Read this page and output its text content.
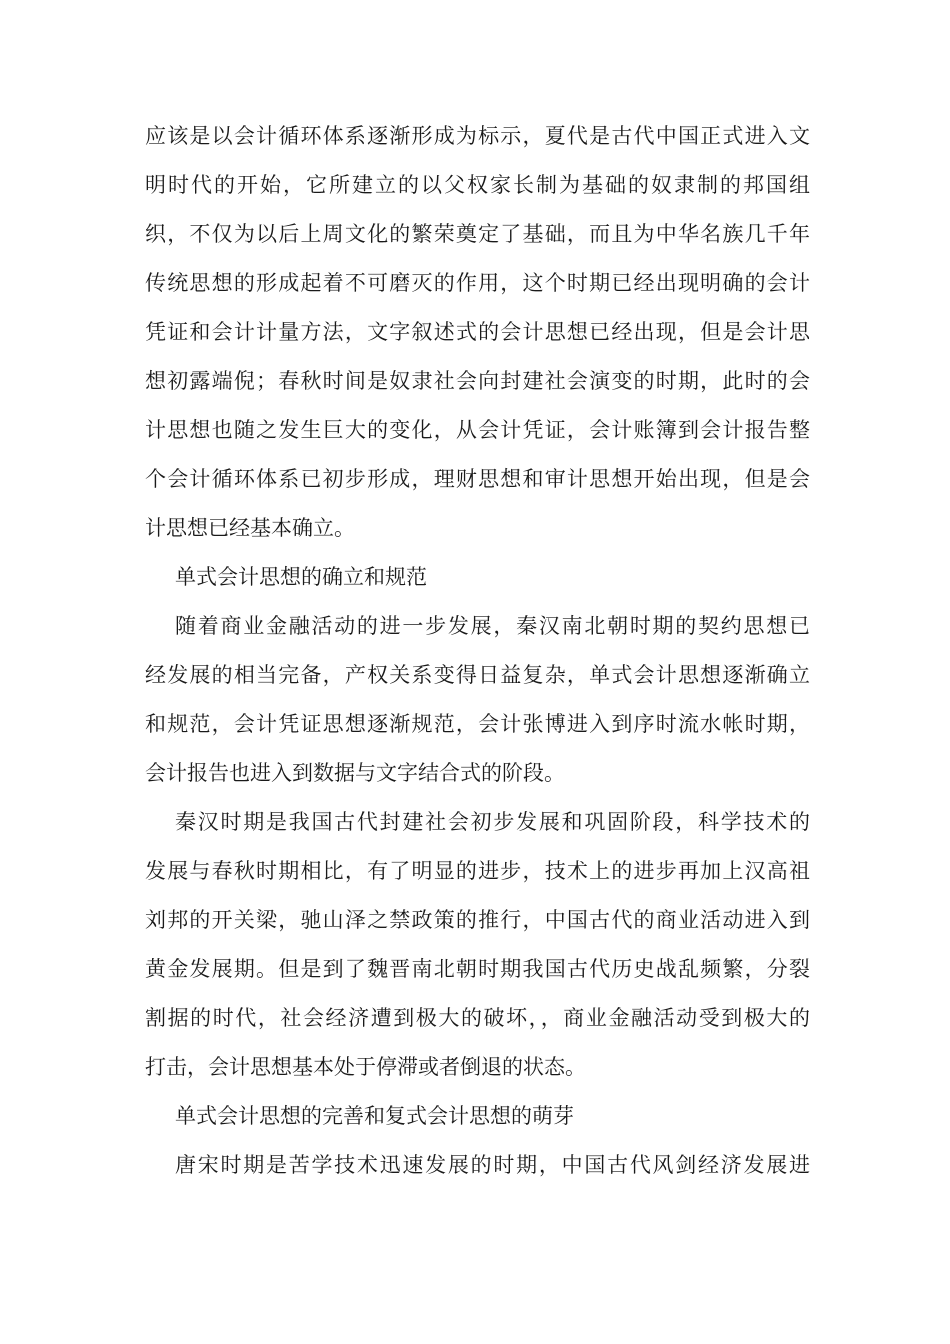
应该是以会计循环体系逐渐形成为标示，夏代是古代中国正式进入文
明时代的开始，它所建立的以父权家长制为基础的奴隶制的邦国组
织，不仅为以后上周文化的繁荣奠定了基础，而且为中华名族几千年
传统思想的形成起着不可磨灭的作用，这个时期已经出现明确的会计
凭证和会计计量方法，文字叙述式的会计思想已经出现，但是会计思
想初露端倪；春秋时间是奴隶社会向封建社会演变的时期，此时的会
计思想也随之发生巨大的变化，从会计凭证，会计账簿到会计报告整
个会计循环体系已初步形成，理财思想和审计思想开始出现，但是会
计思想已经基本确立。
单式会计思想的确立和规范
随着商业金融活动的进一步发展，秦汉南北朝时期的契约思想已
经发展的相当完备，产权关系变得日益复杂，单式会计思想逐渐确立
和规范，会计凭证思想逐渐规范，会计张博进入到序时流水帐时期，
会计报告也进入到数据与文字结合式的阶段。
秦汉时期是我国古代封建社会初步发展和巩固阶段，科学技术的
发展与春秋时期相比，有了明显的进步，技术上的进步再加上汉高祖
刘邦的开关梁，驰山泽之禁政策的推行，中国古代的商业活动进入到
黄金发展期。但是到了魏晋南北朝时期我国古代历史战乱频繁，分裂
割据的时代，社会经济遭到极大的破坏，，商业金融活动受到极大的
打击，会计思想基本处于停滞或者倒退的状态。
单式会计思想的完善和复式会计思想的萌芽
唐宋时期是苦学技术迅速发展的时期，中国古代风剑经济发展进
